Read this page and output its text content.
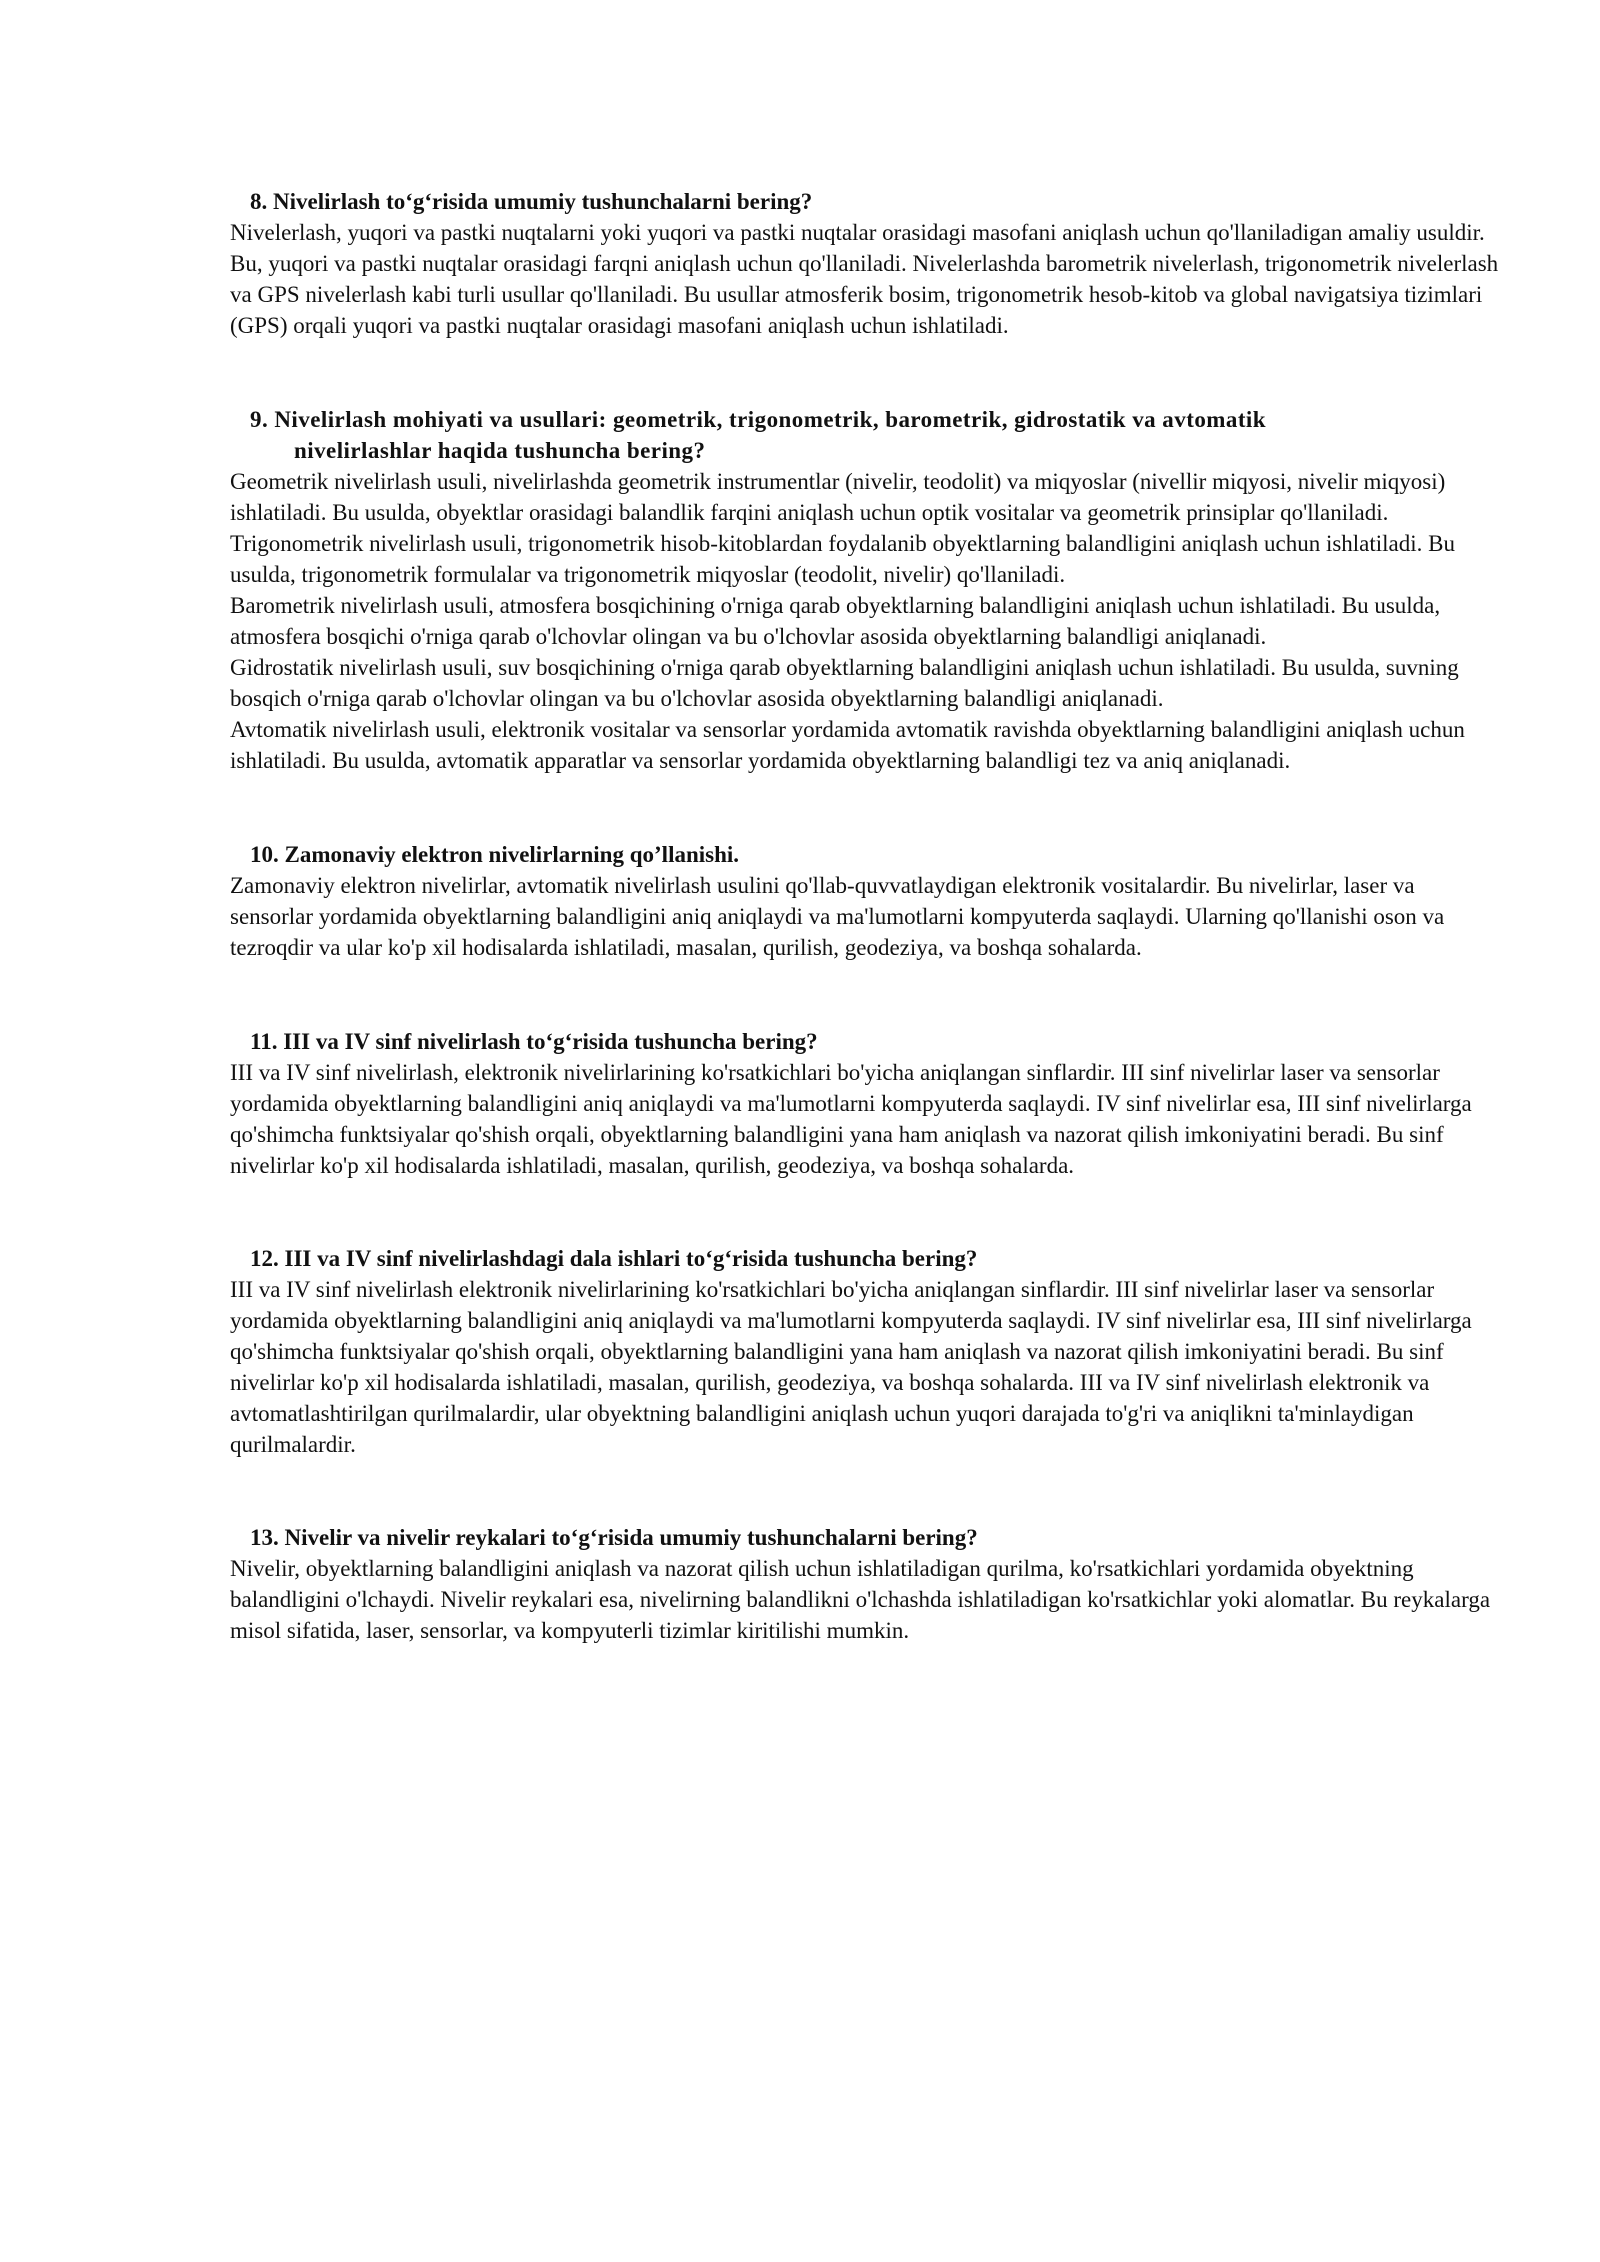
8. Nivelirlash to‘g‘risida umumiy tushunchalarni bering?

Nivelerlash, yuqori va pastki nuqtalarni yoki yuqori va pastki nuqtalar orasidagi masofani aniqlash uchun qo'llaniladigan amaliy usuldir. Bu, yuqori va pastki nuqtalar orasidagi farqni aniqlash uchun qo'llaniladi. Nivelerlashda barometrik nivelerlash, trigonometrik nivelerlash va GPS nivelerlash kabi turli usullar qo'llaniladi. Bu usullar atmosferik bosim, trigonometrik hesob-kitob va global navigatsiya tizimlari (GPS) orqali yuqori va pastki nuqtalar orasidagi masofani aniqlash uchun ishlatiladi.

9. Nivelirlash mohiyati va usullari: geometrik, trigonometrik, barometrik, gidrostatik va avtomatik
nivelirlashlar haqida tushuncha bering?

Geometrik nivelirlash usuli, nivelirlashda geometrik instrumentlar (nivelir, teodolit) va miqyoslar (nivellir miqyosi, nivelir miqyosi) ishlatiladi. Bu usulda, obyektlar orasidagi balandlik farqini aniqlash uchun optik vositalar va geometrik prinsiplar qo'llaniladi.

Trigonometrik nivelirlash usuli, trigonometrik hisob-kitoblardan foydalanib obyektlarning balandligini aniqlash uchun ishlatiladi. Bu usulda, trigonometrik formulalar va trigonometrik miqyoslar (teodolit, nivelir) qo'llaniladi.

Barometrik nivelirlash usuli, atmosfera bosqichining o'rniga qarab obyektlarning balandligini aniqlash uchun ishlatiladi. Bu usulda, atmosfera bosqichi o'rniga qarab o'lchovlar olingan va bu o'lchovlar asosida obyektlarning balandligi aniqlanadi.

Gidrostatik nivelirlash usuli, suv bosqichining o'rniga qarab obyektlarning balandligini aniqlash uchun ishlatiladi. Bu usulda, suvning bosqich o'rniga qarab o'lchovlar olingan va bu o'lchovlar asosida obyektlarning balandligi aniqlanadi.

Avtomatik nivelirlash usuli, elektronik vositalar va sensorlar yordamida avtomatik ravishda obyektlarning balandligini aniqlash uchun ishlatiladi. Bu usulda, avtomatik apparatlar va sensorlar yordamida obyektlarning balandligi tez va aniq aniqlanadi.

10. Zamonaviy elektron nivelirlarning qo’llanishi.

Zamonaviy elektron nivelirlar, avtomatik nivelirlash usulini qo'llab-quvvatlaydigan elektronik vositalardir. Bu nivelirlar, laser va sensorlar yordamida obyektlarning balandligini aniq aniqlaydi va ma'lumotlarni kompyuterda saqlaydi. Ularning qo'llanishi oson va tezroqdir va ular ko'p xil hodisalarda ishlatiladi, masalan, qurilish, geodeziya, va boshqa sohalarda.

11. III va IV sinf nivelirlash to‘g‘risida tushuncha bering?

III va IV sinf nivelirlash, elektronik nivelirlarining ko'rsatkichlari bo'yicha aniqlangan sinflardir. III sinf nivelirlar laser va sensorlar yordamida obyektlarning balandligini aniq aniqlaydi va ma'lumotlarni kompyuterda saqlaydi. IV sinf nivelirlar esa, III sinf nivelirlarga qo'shimcha funktsiyalar qo'shish orqali, obyektlarning balandligini yana ham aniqlash va nazorat qilish imkoniyatini beradi. Bu sinf nivelirlar ko'p xil hodisalarda ishlatiladi, masalan, qurilish, geodeziya, va boshqa sohalarda.

12. III va IV sinf nivelirlashdagi dala ishlari to‘g‘risida tushuncha bering?

III va IV sinf nivelirlash elektronik nivelirlarining ko'rsatkichlari bo'yicha aniqlangan sinflardir. III sinf nivelirlar laser va sensorlar yordamida obyektlarning balandligini aniq aniqlaydi va ma'lumotlarni kompyuterda saqlaydi. IV sinf nivelirlar esa, III sinf nivelirlarga qo'shimcha funktsiyalar qo'shish orqali, obyektlarning balandligini yana ham aniqlash va nazorat qilish imkoniyatini beradi. Bu sinf nivelirlar ko'p xil hodisalarda ishlatiladi, masalan, qurilish, geodeziya, va boshqa sohalarda. III va IV sinf nivelirlash elektronik va avtomatlashtirilgan qurilmalardir, ular obyektning balandligini aniqlash uchun yuqori darajada to'g'ri va aniqlikni ta'minlaydigan qurilmalardir.

13. Nivelir va nivelir reykalari to‘g‘risida umumiy tushunchalarni bering?

Nivelir, obyektlarning balandligini aniqlash va nazorat qilish uchun ishlatiladigan qurilma, ko'rsatkichlari yordamida obyektning balandligini o'lchaydi. Nivelir reykalari esa, nivelirning balandlikni o'lchashda ishlatiladigan ko'rsatkichlar yoki alomatlar. Bu reykalarga misol sifatida, laser, sensorlar, va kompyuterli tizimlar kiritilishi mumkin.
